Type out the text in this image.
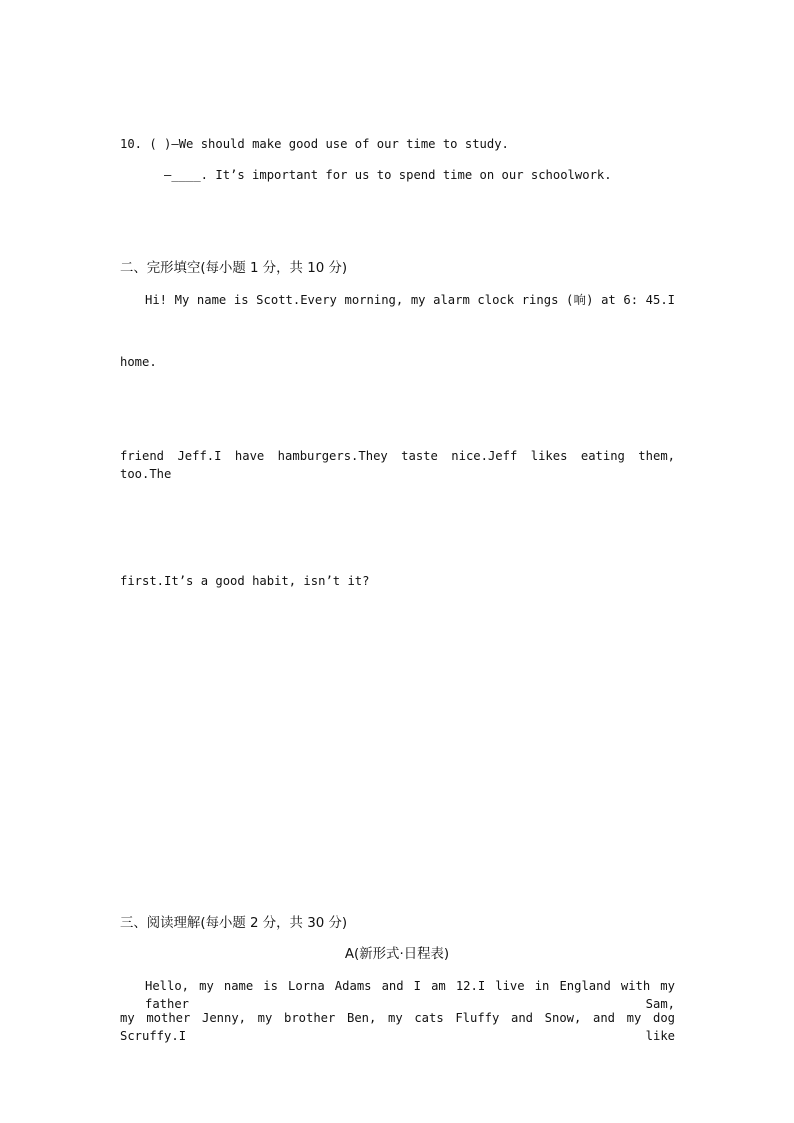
10. ( )—We should make good use of our time to study.
—____. It’s important for us to spend time on our schoolwork.
二、完形填空(每小题 1 分，共 10 分)
Hi! My name is Scott.Every morning, my alarm clock rings (响) at 6: 45.I
home.
friend Jeff.I have hamburgers.They taste nice.Jeff likes eating them, too.The
first.It’s a good habit, isn’t it?
三、阅读理解(每小题 2 分，共 30 分)
A(新形式·日程表)
Hello, my name is Lorna Adams and I am 12.I live in England with my father Sam,
my mother Jenny, my brother Ben, my cats Fluffy and Snow, and my dog Scruffy.I like
